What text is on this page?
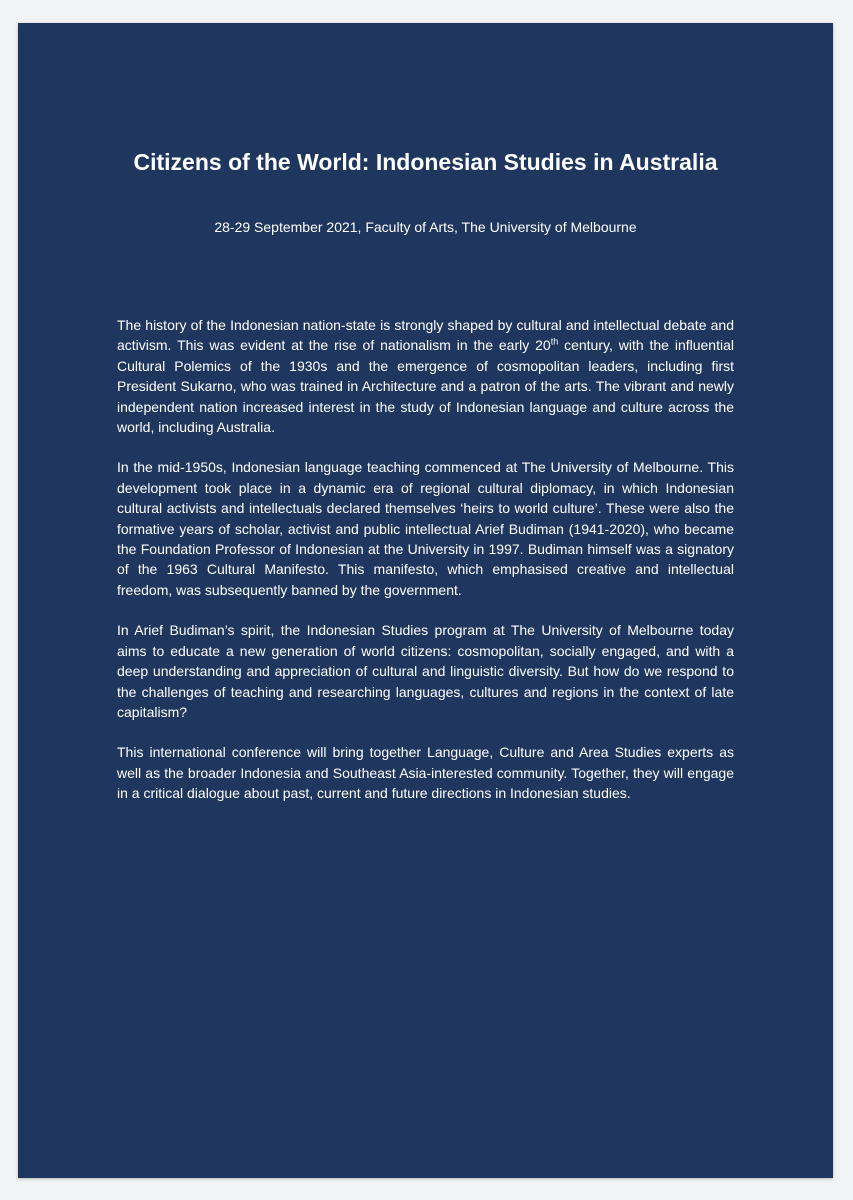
Citizens of the World: Indonesian Studies in Australia

28-29 September 2021, Faculty of Arts, The University of Melbourne

The history of the Indonesian nation-state is strongly shaped by cultural and intellectual debate and activism. This was evident at the rise of nationalism in the early 20th century, with the influential Cultural Polemics of the 1930s and the emergence of cosmopolitan leaders, including first President Sukarno, who was trained in Architecture and a patron of the arts. The vibrant and newly independent nation increased interest in the study of Indonesian language and culture across the world, including Australia.

In the mid-1950s, Indonesian language teaching commenced at The University of Melbourne. This development took place in a dynamic era of regional cultural diplomacy, in which Indonesian cultural activists and intellectuals declared themselves ‘heirs to world culture’. These were also the formative years of scholar, activist and public intellectual Arief Budiman (1941-2020), who became the Foundation Professor of Indonesian at the University in 1997. Budiman himself was a signatory of the 1963 Cultural Manifesto. This manifesto, which emphasised creative and intellectual freedom, was subsequently banned by the government.

In Arief Budiman’s spirit, the Indonesian Studies program at The University of Melbourne today aims to educate a new generation of world citizens: cosmopolitan, socially engaged, and with a deep understanding and appreciation of cultural and linguistic diversity. But how do we respond to the challenges of teaching and researching languages, cultures and regions in the context of late capitalism?

This international conference will bring together Language, Culture and Area Studies experts as well as the broader Indonesia and Southeast Asia-interested community. Together, they will engage in a critical dialogue about past, current and future directions in Indonesian studies.
